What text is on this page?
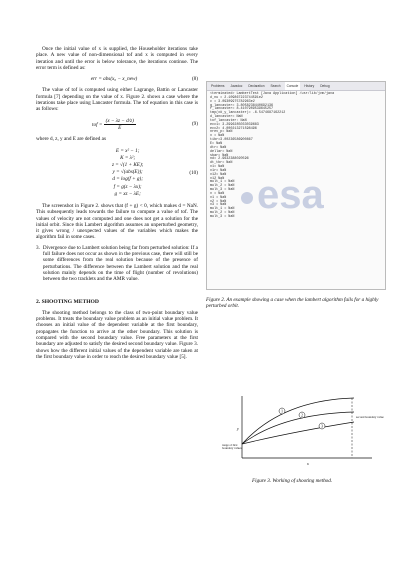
Once the initial value of x is supplied, the Householder iterations take place. A new value of non-dimensional tof and x is computed in every iteration and until the error is below tolerance, the iterations continue. The error term is defined as:

err = abs(x₀ − x_new)	(8)

The value of tof is computed using either Lagrange, Battin or Lancaster formula [7] depending on the value of x. Figure 2. shows a case where the iterations take place using Lancaster formula. The tof equation in this case is as follows:

tof = $\frac{(x - \lambda z - d/z)}{E}$	(9)

where d, z, y and E are defined as

E = x² − 1;
K = λ²;
z = √(1 + KE);
y = √(abs(E));
d = log(f + g);
f = g(z − λx);
g = xz − λE;
(10)

The screenshot in Figure 2. shows that (f + g) < 0, which makes d = NaN. This subsequently leads towards the failure to compute a value of tof. The values of velocity are not computed and one does not get a solution for the initial orbit. Since this Lambert algorithm assumes an unperturbed geometry, it gives wrong / unexpected values of the variables which makes the algorithm fail in some cases.

3. Divergence due to Lambert solution being far from perturbed solution: If a full failure does not occur as shown in the previous case, there will still be some differences from the real solution because of the presence of perturbations. The difference between the Lambert solution and the real solution mainly depends on the time of flight (number of revolutions) between the two tracklets and the AMR value.

2. SHOOTING METHOD

The shooting method belongs to the class of two-point boundary value problems. It treats the boundary value problem as an initial value problem. It chooses an initial value of the dependent variable at the first boundary, propagates the function to arrive at the other boundary. This solution is compared with the second boundary value. Free parameters at the first boundary are adjusted to satisfy the desired second boundary value. Figure 3. shows how the different initial values of the dependent variable are taken at the first boundary value in order to reach the desired boundary value [5].

Problems	Javadoc	Declaration	Search	Console	History	Debug
<terminated> LambertTest [Java Application] /usr/lib/jvm/java
d_nu = 2.109867223744591e2
c = 3.09309975782963e2
g_lancaster= 3.8058238440692136
f_lancaster= 8.4107909539645257
tmp(x#_y_lancaster)= -6.5474687162212
d_lancaster= NaN
tof_lancaster: NaN
ecc1= 3.2996285033039683
ecc2= 4.000213271598496
nrev_p= NaN
x = NaN
tibr=3.00236586900867
E= NaN
dtr= NaN
dellar= NaN
sbar= NaN
nd= 2.9632388020596
dt_tbr= NaN
v1= NaN
v1r= NaN
v12= NaN
v12 NaN
mult_1 = NaN
mult_2 = NaN
mult_3 = NaN
v = NaN
v1 = NaN
v2 = NaN
v3 = NaN
mult_1 = NaN
mult_2 = NaN
mult_3 = NaN esa
Figure 2. An example showing a case when the lambert algorithm fails for a highly perturbed orbit.
1
2
3
y
x
range of first boundary values
second boundary value
Figure 3. Working of shooting method.
